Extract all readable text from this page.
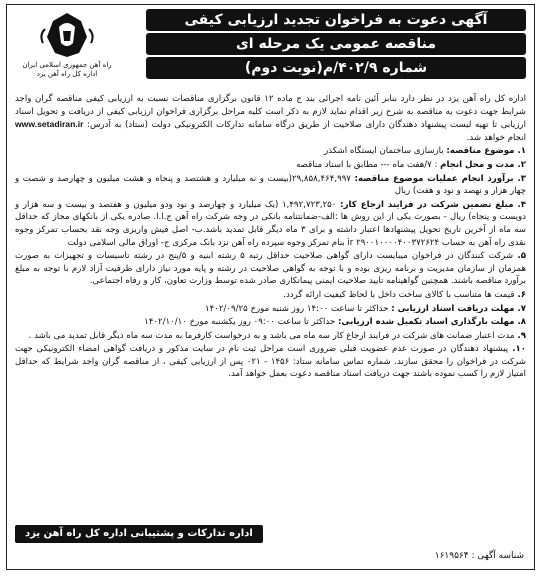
آگهی دعوت به فراخوان تجدید ارزیابی کیفی
مناقصه عمومی یک مرحله ای
شماره ۴۰۲/۹/م(نوبت دوم)
راه آهن جمهوری اسلامی ایران
اداره کل راه آهن یزد

اداره کل راه آهن یزد در نظر دارد بنابر آئین نامه اجرائی بند ج ماده ۱۲ قانون برگزاری مناقصات نسبت به ارزیابی کیفی مناقصه گران واجد شرایط جهت دعوت به مناقصه به شرح زیر اقدام نماید لازم به ذکر است کلیه مراحل برگزاری فراخوان ارزیابی کیفی از دریافت و تحویل اسناد ارزیابی تا تهیه لیست پیشنهاد دهندگان دارای صلاحیت از طریق درگاه سامانه تدارکات الکترونیکی دولت (ستاد) به آدرس: www.setadiran.ir انجام خواهد شد.

۱. موضوع مناقصه: بازسازی ساختمان ایستگاه اشکذر

۲. مدت و محل انجام : ۷/هفت ماه --- مطابق با اسناد مناقصه

۳. برآورد انجام عملیات موضوع مناقصه: ۲۹,۸۵۸,۴۶۴,۹۹۷(بیست و نه میلیارد و هشتصد و پنجاه و هشت میلیون و چهارصد و شصت و چهار هزار و نهصد و نود و هفت) ریال

۴. مبلغ تضمین شرکت در فرایند ارجاع کار: ۱,۴۹۲,۷۲۳,۲۵۰ (یک میلیارد و چهارصد و نود ودو میلیون و هفتصد و بیست و سه هزار و دویست و پنجاه) ریال - بصورت یکی از این روش ها :الف-ضمانتنامه بانکی در وجه شرکت راه آهن ج.ا.ا. صادره یکی از بانکهای مجاز که حداقل سه ماه از آخرین تاریخ تحویل پیشنهادها اعتبار داشته و برای ۳ ماه دیگر قابل تمدید باشد.ب- اصل فیش واریزی وجه نقد بحساب تمرکز وجوه نقدی راه آهن به حساب ۲۹۰۰۱۰۰۰۰۴۰۰۳۷۲۶۲۴ ir بنام تمرکز وجوه سپرده راه آهن نزد بانک مرکزی ج- اوراق مالی اسلامی دولت

۵. شرکت کنندگان در فراخوان میبایست دارای گواهی صلاحیت حداقل رتبه ۵ رشته ابنیه و ۵/پنج در رشته تاسیسات و تجهیزات به صورت همزمان از سازمان مدیریت و برنامه ریزی بوده و با توجه به گواهی صلاحیت در رشته و پایه مورد نیاز دارای ظرفیت آزاد لازم با توجه به مبلغ برآورد مناقصه باشند. همچنین گواهینامه تایید صلاحیت ایمنی پیمانکاری صادر شده توسط وزارت تعاون، کار و رفاه اجتماعی.

۶. قیمت ها متناسب با کالای ساخت داخل با لحاظ کیفیت ارائه گردد.

۷. مهلت دریافت اسناد ارزیابی : حداکثر تا ساعت ۱۴:۰۰ روز شنبه مورخ ۱۴۰۲/۰۹/۲۵

۸. مهلت بارگذاری اسناد تکمیل شده ارزیابی: حداکثر تا ساعت ۰۹:۰۰ روز یکشنبه مورخ ۱۴۰۲/۱۰/۱۰

۹. مدت اعتبار ضمانت های شرکت در فرایند ارجاع کار سه ماه می باشد و به درخواست کارفرما به مدت سه ماه دیگر قابل تمدید می باشد .

۱۰. پیشنهاد دهندگان در صورت عدم عضویت قبلی ضروری است مراحل ثبت نام در سایت مذکور و دریافت گواهی امضاء الکترونیکی جهت شرکت در فراخوان را محقق سازند. شماره تماس سامانه ستاد: ۱۴۵۶ - ۰۲۱ پس از ارزیابی کیفی ، از مناقصه گران واجد شرایط که حداقل امتیاز لازم را کسب نموده باشند جهت دریافت اسناد مناقصه دعوت بعمل خواهد آمد.

اداره تدارکات و پشتیبانی اداره کل راه آهن یزد
شناسه آگهی : ۱۶۱۹۵۶۴
